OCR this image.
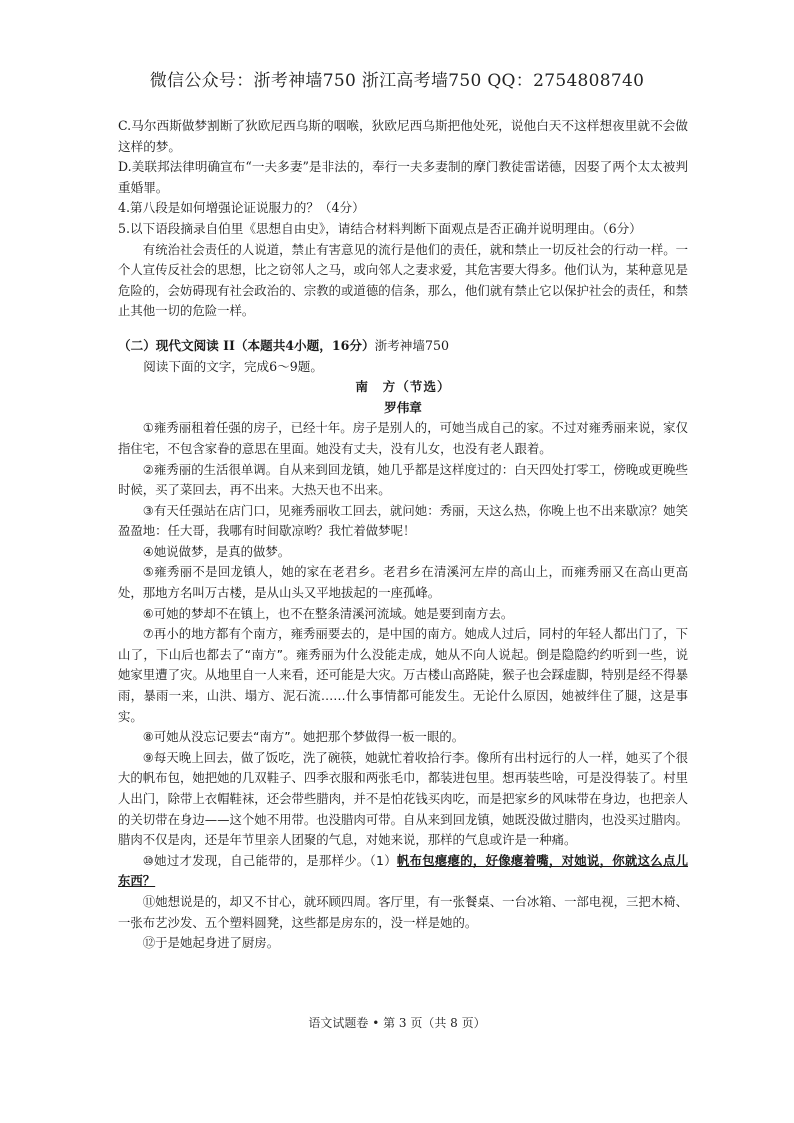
微信公众号：浙考神墙750 浙江高考墙750 QQ：2754808740

C.马尔西斯做梦割断了狄欧尼西乌斯的咽喉，狄欧尼西乌斯把他处死，说他白天不这样想夜里就不会做这样的梦。

D.美联邦法律明确宣布“一夫多妻”是非法的，奉行一夫多妻制的摩门教徒雷诺德，因娶了两个太太被判重婚罪。

4.第八段是如何增强论证说服力的？（4分）

5.以下语段摘录自伯里《思想自由史》，请结合材料判断下面观点是否正确并说明理由。（6分）

有统治社会责任的人说道，禁止有害意见的流行是他们的责任，就和禁止一切反社会的行动一样。一个人宣传反社会的思想，比之窃邻人之马，或向邻人之妻求爱，其危害要大得多。他们认为，某种意见是危险的，会妨碍现有社会政治的、宗教的或道德的信条，那么，他们就有禁止它以保护社会的责任，和禁止其他一切的危险一样。

（二）现代文阅读 II（本题共4小题，16分）浙考神墙750

阅读下面的文字，完成6～9题。

南　方（节选）

罗伟章

①雍秀丽租着任强的房子，已经十年。房子是别人的，可她当成自己的家。不过对雍秀丽来说，家仅指住宅，不包含家眷的意思在里面。她没有丈夫，没有儿女，也没有老人跟着。

②雍秀丽的生活很单调。自从来到回龙镇，她几乎都是这样度过的：白天四处打零工，傍晚或更晚些时候，买了菜回去，再不出来。大热天也不出来。

③有天任强站在店门口，见雍秀丽收工回去，就问她：秀丽，天这么热，你晚上也不出来歇凉？她笑盈盈地：任大哥，我哪有时间歇凉哟？我忙着做梦呢！

④她说做梦，是真的做梦。

⑤雍秀丽不是回龙镇人，她的家在老君乡。老君乡在清溪河左岸的高山上，而雍秀丽又在高山更高处，那地方名叫万古楼，是从山头又平地拔起的一座孤峰。

⑥可她的梦却不在镇上，也不在整条清溪河流域。她是要到南方去。

⑦再小的地方都有个南方，雍秀丽要去的，是中国的南方。她成人过后，同村的年轻人都出门了，下山了，下山后也都去了“南方”。雍秀丽为什么没能走成，她从不向人说起。倒是隐隐约约听到一些，说她家里遭了灾。从地里自一人来看，还可能是大灾。万古楼山高路陡，猴子也会踩虚脚，特别是经不得暴雨，暴雨一来，山洪、塌方、泥石流……什么事情都可能发生。无论什么原因，她被绊住了腿，这是事实。

⑧可她从没忘记要去“南方”。她把那个梦做得一板一眼的。

⑨每天晚上回去，做了饭吃，洗了碗筷，她就忙着收拾行李。像所有出村远行的人一样，她买了个很大的帆布包，她把她的几双鞋子、四季衣服和两张毛巾，都装进包里。想再装些啥，可是没得装了。村里人出门，除带上衣帽鞋袜，还会带些腊肉，并不是怕花钱买肉吃，而是把家乡的风味带在身边，也把亲人的关切带在身边——这个她不用带。也没腊肉可带。自从来到回龙镇，她既没做过腊肉，也没买过腊肉。腊肉不仅是肉，还是年节里亲人团聚的气息，对她来说，那样的气息或许是一种痛。

⑩她过才发现，自己能带的，是那样少。（1）帆布包瘪瘪的，好像瘪着嘴，对她说，你就这么点儿东西？

⑪她想说是的，却又不甘心，就环顾四周。客厅里，有一张餐桌、一台冰箱、一部电视，三把木椅、一张布艺沙发、五个塑料圆凳，这些都是房东的，没一样是她的。

⑫于是她起身进了厨房。

语文试题卷 • 第 3 页（共 8 页）
